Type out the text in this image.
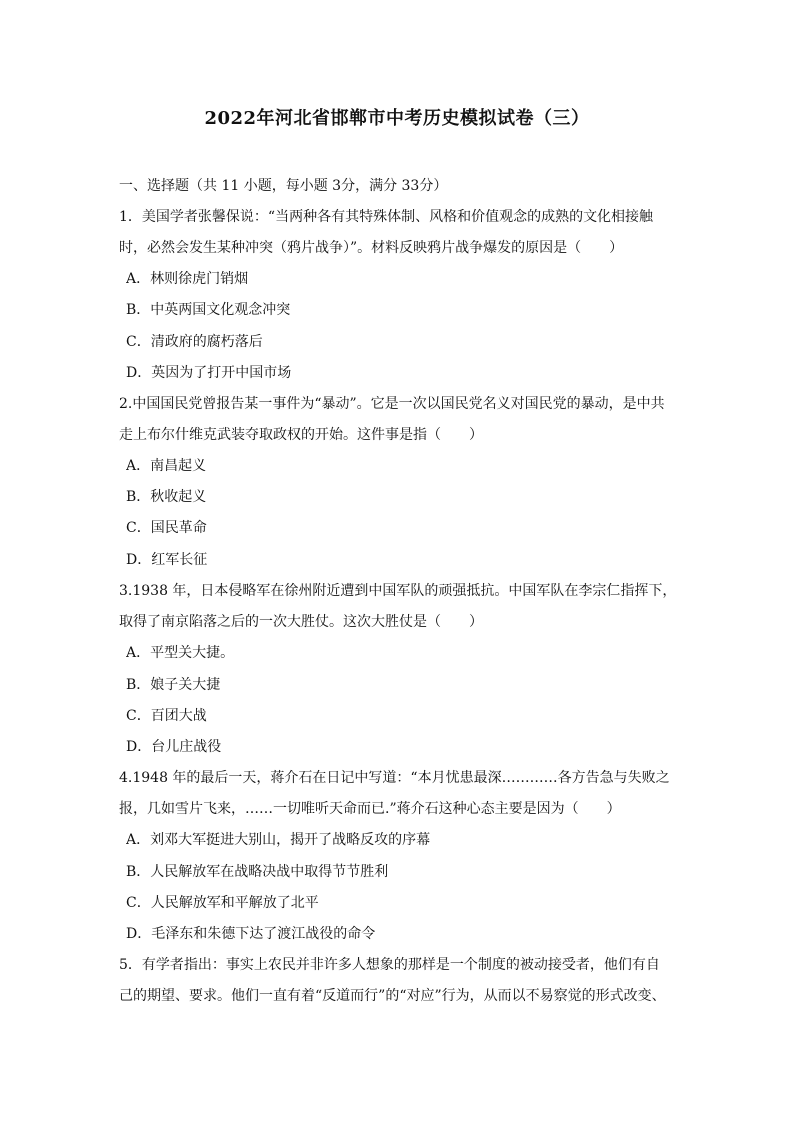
2022年河北省邯郸市中考历史模拟试卷（三）
一、选择题（共 11 小题，每小题 3分，满分 33分）
1．美国学者张馨保说：“当两种各有其特殊体制、风格和价值观念的成熟的文化相接触
时，必然会发生某种冲突（鸦片战争）”。材料反映鸦片战争爆发的原因是（　　）
A．林则徐虎门销烟
B．中英两国文化观念冲突
C．清政府的腐朽落后
D．英因为了打开中国市场
2.中国国民党曾报告某一事件为“暴动”。它是一次以国民党名义对国民党的暴动，是中共
走上布尔什维克武装夺取政权的开始。这件事是指（　　）
A．南昌起义
B．秋收起义
C．国民革命
D．红军长征
3.1938 年，日本侵略军在徐州附近遭到中国军队的顽强抵抗。中国军队在李宗仁指挥下，
取得了南京陷落之后的一次大胜仗。这次大胜仗是（　　）
A．平型关大捷。
B．娘子关大捷
C．百团大战
D．台儿庄战役
4.1948 年的最后一天，蒋介石在日记中写道：“本月忧患最深…………各方告急与失败之
报，几如雪片飞来，……一切唯听天命而已.”蒋介石这种心态主要是因为（　　）
A．刘邓大军挺进大别山，揭开了战略反攻的序幕
B．人民解放军在战略决战中取得节节胜利
C．人民解放军和平解放了北平
D．毛泽东和朱德下达了渡江战役的命令
5．有学者指出：事实上农民并非许多人想象的那样是一个制度的被动接受者，他们有自
己的期望、要求。他们一直有着“反道而行”的“对应”行为，从而以不易察觉的形式改变、
